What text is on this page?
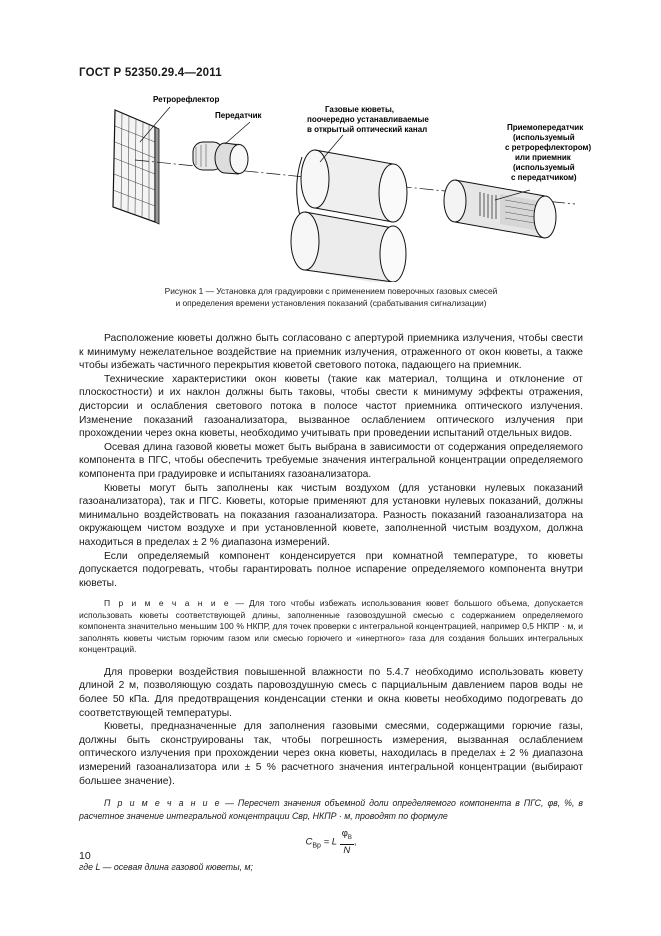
ГОСТ Р 52350.29.4—2011
Ретрорефлектор
Передатчик
Газовые кюветы,
поочередно устанавливаемые
в открытый оптический канал	Приемопередатчик
(используемый
с ретрорефлектором)
или приемник
(используемый
с передатчиком)
Рисунок 1 — Установка для градуировки с применением поверочных газовых смесей
и определения времени установления показаний (срабатывания сигнализации)

Расположение кюветы должно быть согласовано с апертурой приемника излучения, чтобы свести к минимуму нежелательное воздействие на приемник излучения, отраженного от окон кюветы, а также чтобы избежать частичного перекрытия кюветой светового потока, падающего на приемник.

Технические характеристики окон кюветы (такие как материал, толщина и отклонение от плоскостности) и их наклон должны быть таковы, чтобы свести к минимуму эффекты отражения, дисторсии и ослабления светового потока в полосе частот приемника оптического излучения. Изменение показаний газоанализатора, вызванное ослаблением оптического излучения при прохождении через окна кюветы, необходимо учитывать при проведении испытаний отдельных видов.

Осевая длина газовой кюветы может быть выбрана в зависимости от содержания определяемого компонента в ПГС, чтобы обеспечить требуемые значения интегральной концентрации определяемого компонента при градуировке и испытаниях газоанализатора.

Кюветы могут быть заполнены как чистым воздухом (для установки нулевых показаний газоанализатора), так и ПГС. Кюветы, которые применяют для установки нулевых показаний, должны минимально воздействовать на показания газоанализатора. Разность показаний газоанализатора на окружающем чистом воздухе и при установленной кювете, заполненной чистым воздухом, должна находиться в пределах ± 2 % диапазона измерений.

Если определяемый компонент конденсируется при комнатной температуре, то кюветы допускается подогревать, чтобы гарантировать полное испарение определяемого компонента внутри кюветы.

П р и м е ч а н и е — Для того чтобы избежать использования кювет большого объема, допускается использовать кюветы соответствующей длины, заполненные газовоздушной смесью с содержанием определяемого компонента значительно меньшим 100 % НКПР, для точек проверки с интегральной концентрацией, например 0,5 НКПР · м, и заполнять кюветы чистым горючим газом или смесью горючего и «инертного» газа для создания больших интегральных концентраций.

Для проверки воздействия повышенной влажности по 5.4.7 необходимо использовать кювету длиной 2 м, позволяющую создать паровоздушную смесь с парциальным давлением паров воды не более 50 кПа. Для предотвращения конденсации стенки и окна кюветы необходимо подогревать до соответствующей температуры.

Кюветы, предназначенные для заполнения газовыми смесями, содержащими горючие газы, должны быть сконструированы так, чтобы погрешность измерения, вызванная ослаблением оптического излучения при прохождении через окна кюветы, находилась в пределах ± 2 % диапазона измерений газоанализатора или ± 5 % расчетного значения интегральной концентрации (выбирают большее значение).

П р и м е ч а н и е — Пересчет значения объемной доли определяемого компонента в ПГС, φв, %, в расчетное значение интегральной концентрации Cвр, НКПР · м, проводят по формуле

$C_{Bp} = L \frac{\varphi_B}{N}$ ,

где L — осевая длина газовой кюветы, м;

10
